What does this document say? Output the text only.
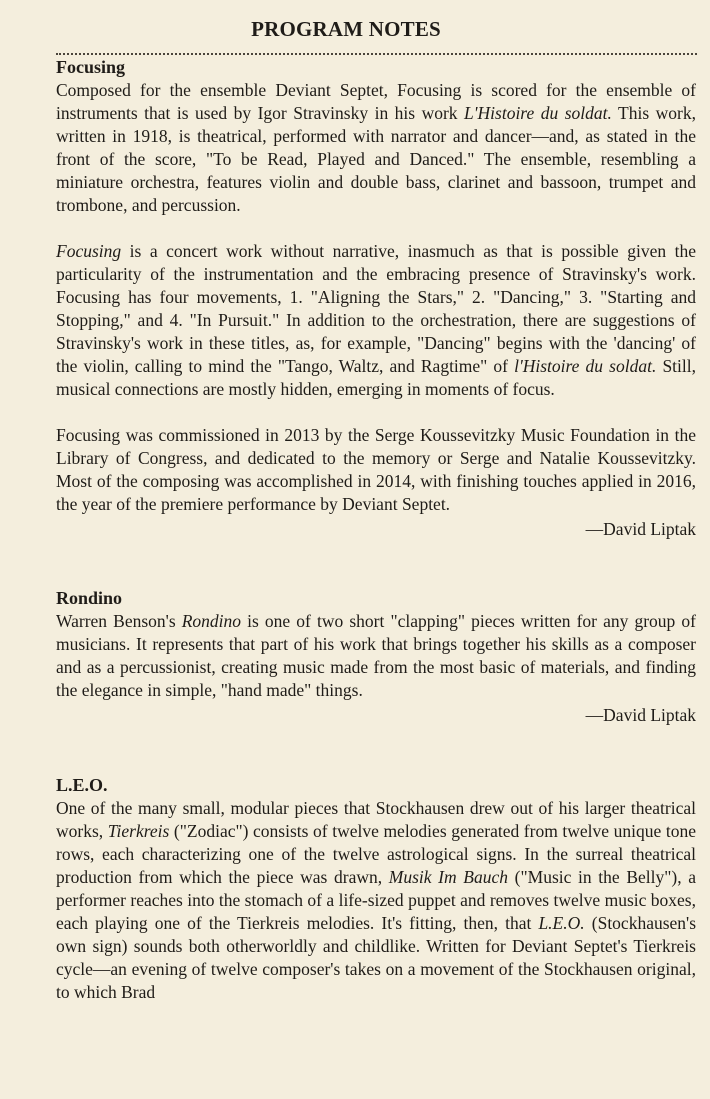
PROGRAM NOTES
Focusing

Composed for the ensemble Deviant Septet, Focusing is scored for the ensemble of instruments that is used by Igor Stravinsky in his work L'Histoire du soldat. This work, written in 1918, is theatrical, performed with narrator and dancer—and, as stated in the front of the score, "To be Read, Played and Danced." The ensemble, resembling a miniature orchestra, features violin and double bass, clarinet and bassoon, trumpet and trombone, and percussion.

Focusing is a concert work without narrative, inasmuch as that is possible given the particularity of the instrumentation and the embracing presence of Stravinsky's work. Focusing has four movements, 1. "Aligning the Stars," 2. "Dancing," 3. "Starting and Stopping," and 4. "In Pursuit." In addition to the orchestration, there are suggestions of Stravinsky's work in these titles, as, for example, "Dancing" begins with the 'dancing' of the violin, calling to mind the "Tango, Waltz, and Ragtime" of l'Histoire du soldat. Still, musical connections are mostly hidden, emerging in moments of focus.

Focusing was commissioned in 2013 by the Serge Koussevitzky Music Foundation in the Library of Congress, and dedicated to the memory or Serge and Natalie Koussevitzky. Most of the composing was accomplished in 2014, with finishing touches applied in 2016, the year of the premiere performance by Deviant Septet.

—David Liptak
Rondino

Warren Benson's Rondino is one of two short "clapping" pieces written for any group of musicians. It represents that part of his work that brings together his skills as a composer and as a percussionist, creating music made from the most basic of materials, and finding the elegance in simple, "hand made" things.

—David Liptak
L.E.O.

One of the many small, modular pieces that Stockhausen drew out of his larger theatrical works, Tierkreis ("Zodiac") consists of twelve melodies generated from twelve unique tone rows, each characterizing one of the twelve astrological signs. In the surreal theatrical production from which the piece was drawn, Musik Im Bauch ("Music in the Belly"), a performer reaches into the stomach of a life-sized puppet and removes twelve music boxes, each playing one of the Tierkreis melodies. It's fitting, then, that L.E.O. (Stockhausen's own sign) sounds both otherworldly and childlike. Written for Deviant Septet's Tierkreis cycle—an evening of twelve composer's takes on a movement of the Stockhausen original, to which Brad
